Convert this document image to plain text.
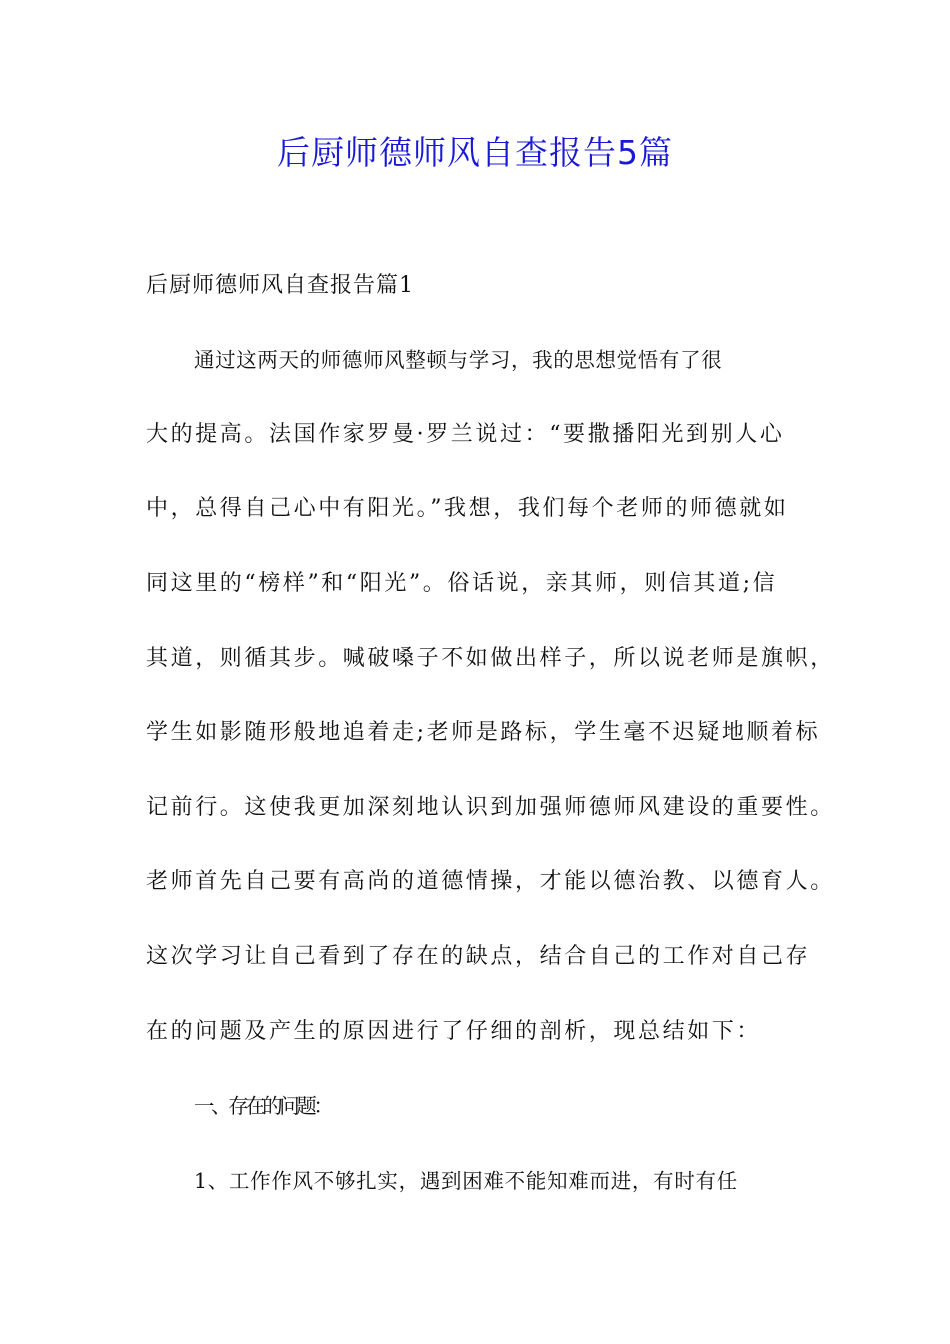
后厨师德师风自查报告5篇
后厨师德师风自查报告篇1
通过这两天的师德师风整顿与学习，我的思想觉悟有了很
大的提高。法国作家罗曼·罗兰说过：“要撒播阳光到别人心
中，总得自己心中有阳光。”我想，我们每个老师的师德就如
同这里的“榜样”和“阳光”。俗话说，亲其师，则信其道;信
其道，则循其步。喊破嗓子不如做出样子，所以说老师是旗帜，
学生如影随形般地追着走;老师是路标，学生毫不迟疑地顺着标
记前行。这使我更加深刻地认识到加强师德师风建设的重要性。
老师首先自己要有高尚的道德情操，才能以德治教、以德育人。
这次学习让自己看到了存在的缺点，结合自己的工作对自己存
在的问题及产生的原因进行了仔细的剖析，现总结如下：
一、存在的问题：
1、工作作风不够扎实，遇到困难不能知难而进，有时有任
